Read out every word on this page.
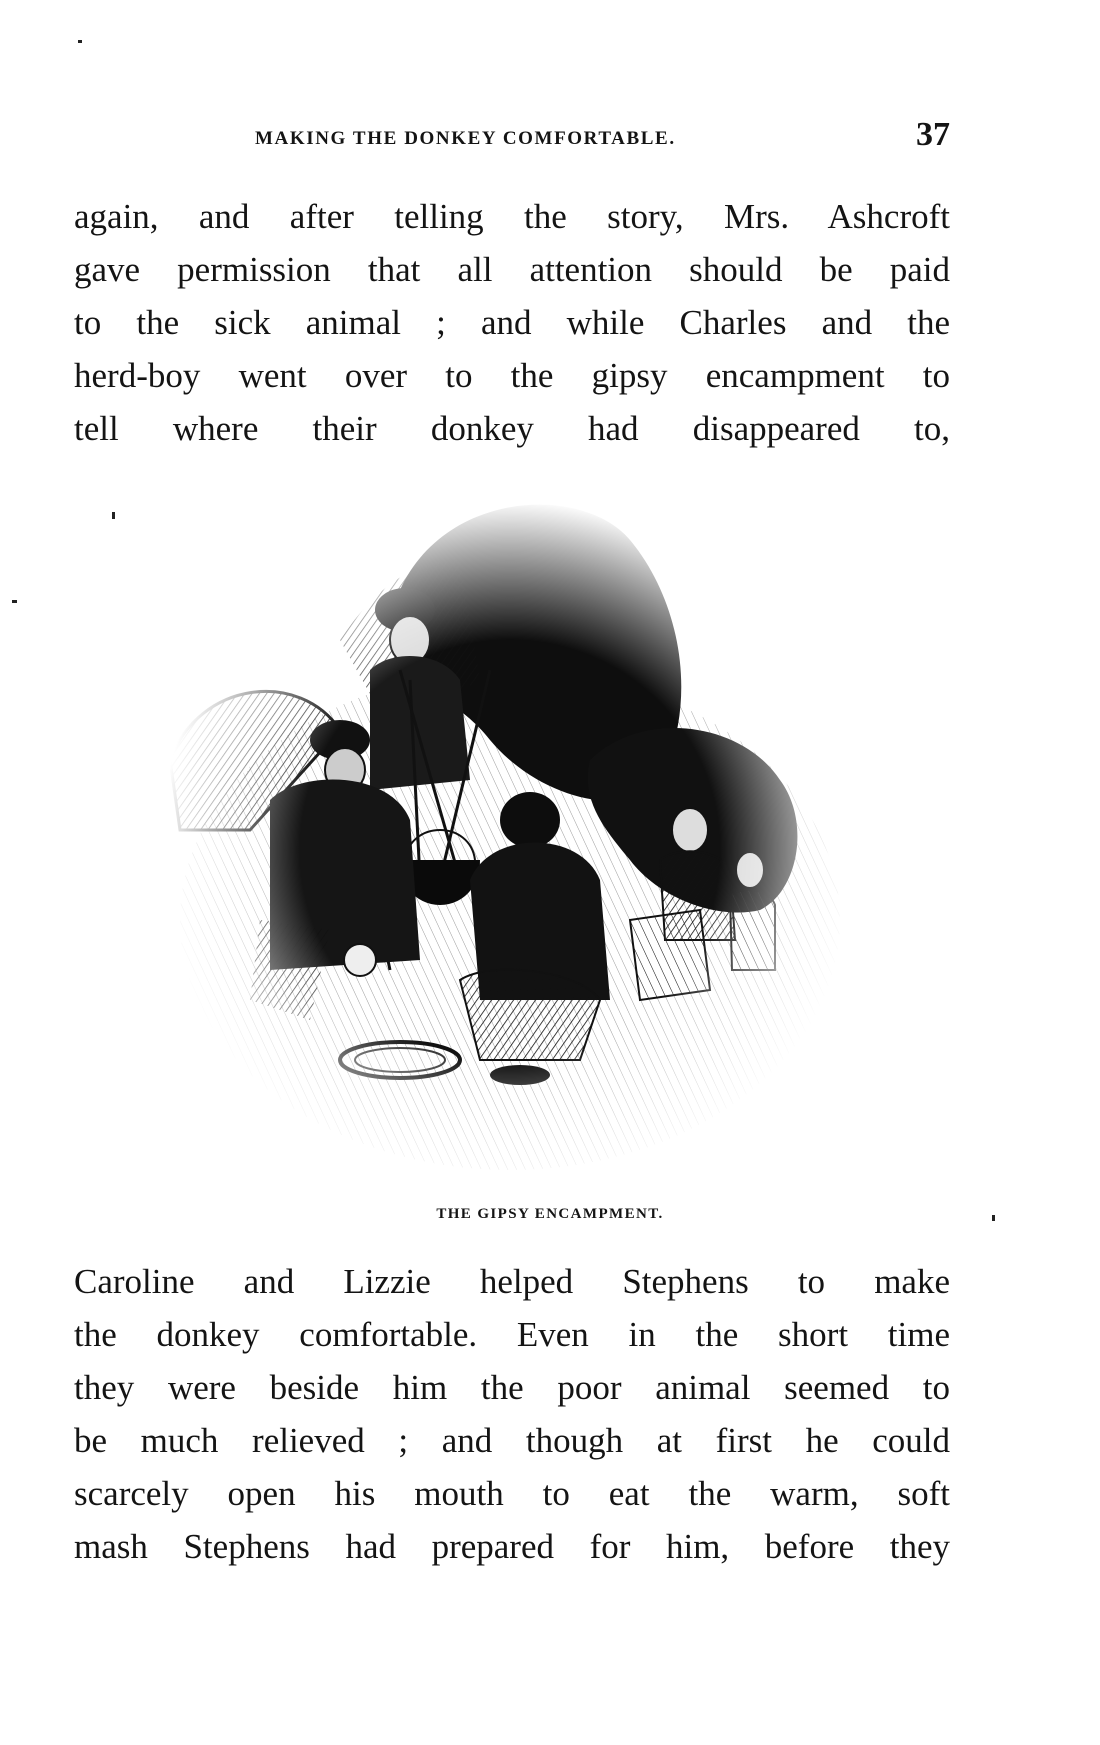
MAKING THE DONKEY COMFORTABLE.	37
again, and after telling the story, Mrs. Ashcroft
gave permission that all attention should be paid
to the sick animal ; and while Charles and the
herd-boy went over to the gipsy encampment to
tell where their donkey had disappeared to,
THE GIPSY ENCAMPMENT.
Caroline and Lizzie helped Stephens to make
the donkey comfortable. Even in the short time
they were beside him the poor animal seemed to
be much relieved ; and though at first he could
scarcely open his mouth to eat the warm, soft
mash Stephens had prepared for him, before they
